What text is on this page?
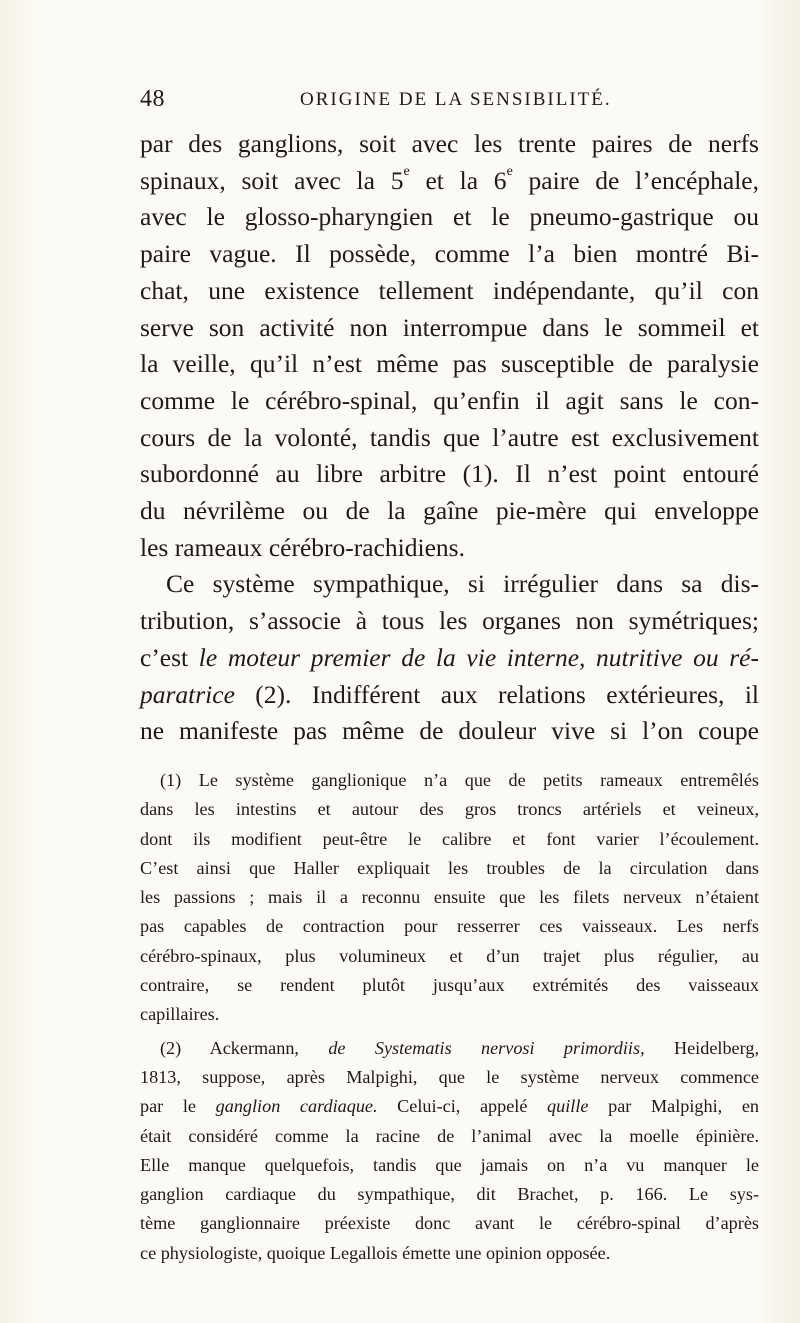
48	ORIGINE DE LA SENSIBILITÉ.
par des ganglions, soit avec les trente paires de nerfs
spinaux, soit avec la 5e et la 6e paire de l’encéphale,
avec le glosso-pharyngien et le pneumo-gastrique ou
paire vague. Il possède, comme l’a bien montré Bi-
chat, une existence tellement indépendante, qu’il con
serve son activité non interrompue dans le sommeil et
la veille, qu’il n’est même pas susceptible de paralysie
comme le cérébro-spinal, qu’enfin il agit sans le con-
cours de la volonté, tandis que l’autre est exclusivement
subordonné au libre arbitre (1). Il n’est point entouré
du névrilème ou de la gaîne pie-mère qui enveloppe
les rameaux cérébro-rachidiens.
Ce système sympathique, si irrégulier dans sa dis-
tribution, s’associe à tous les organes non symétriques;
c’est le moteur premier de la vie interne, nutritive ou ré-
paratrice (2). Indifférent aux relations extérieures, il
ne manifeste pas même de douleur vive si l’on coupe
(1) Le système ganglionique n’a que de petits rameaux entremêlés
dans les intestins et autour des gros troncs artériels et veineux,
dont ils modifient peut-être le calibre et font varier l’écoulement.
C’est ainsi que Haller expliquait les troubles de la circulation dans
les passions ; mais il a reconnu ensuite que les filets nerveux n’étaient
pas capables de contraction pour resserrer ces vaisseaux. Les nerfs
cérébro-spinaux, plus volumineux et d’un trajet plus régulier, au
contraire, se rendent plutôt jusqu’aux extrémités des vaisseaux
capillaires.
(2) Ackermann, de Systematis nervosi primordiis, Heidelberg,
1813, suppose, après Malpighi, que le système nerveux commence
par le ganglion cardiaque. Celui-ci, appelé quille par Malpighi, en
était considéré comme la racine de l’animal avec la moelle épinière.
Elle manque quelquefois, tandis que jamais on n’a vu manquer le
ganglion cardiaque du sympathique, dit Brachet, p. 166. Le sys-
tème ganglionnaire préexiste donc avant le cérébro-spinal d’après
ce physiologiste, quoique Legallois émette une opinion opposée.
